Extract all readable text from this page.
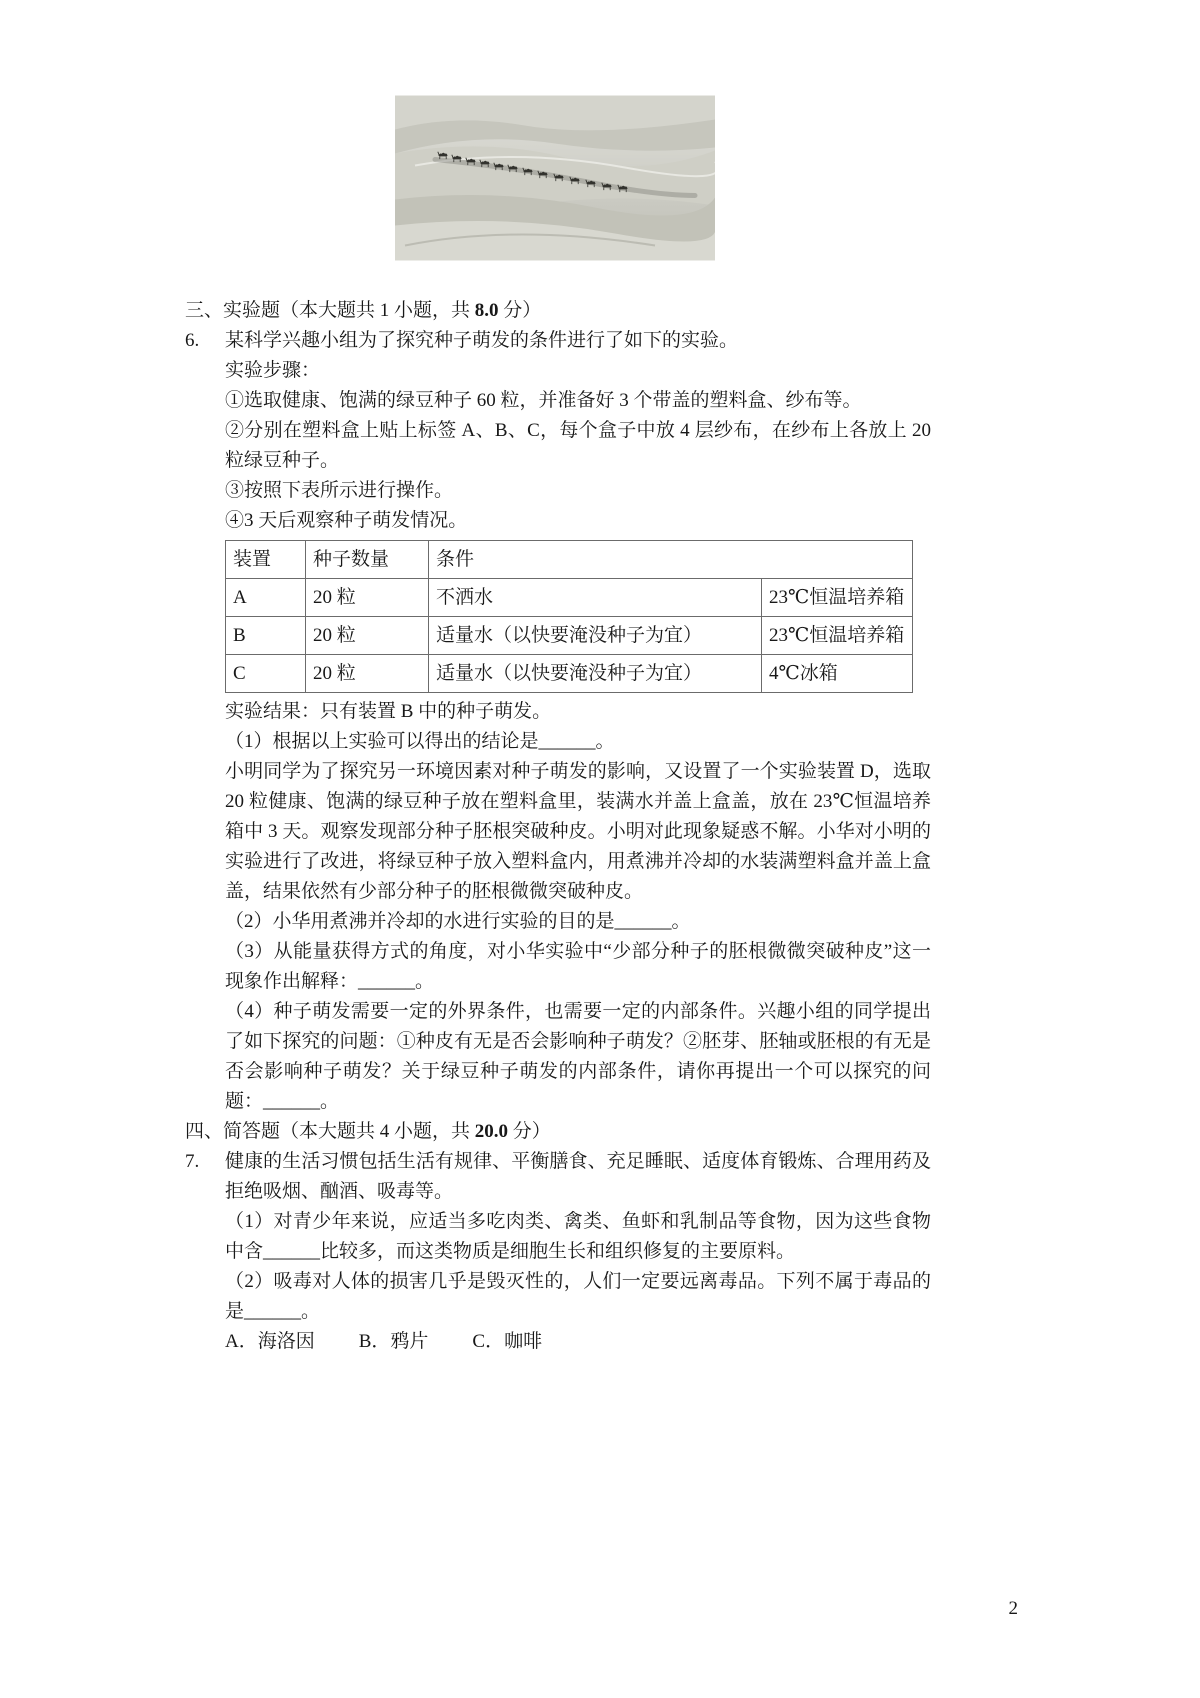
三、实验题（本大题共 1 小题，共 8.0 分）

6.	某科学兴趣小组为了探究种子萌发的条件进行了如下的实验。

实验步骤：

①选取健康、饱满的绿豆种子 60 粒，并准备好 3 个带盖的塑料盒、纱布等。

②分别在塑料盒上贴上标签 A、B、C，每个盒子中放 4 层纱布，在纱布上各放上 20 粒绿豆种子。

③按照下表所示进行操作。

④3 天后观察种子萌发情况。

装置	种子数量	条件	
A	20 粒	不洒水	23℃恒温培养箱
B	20 粒	适量水（以快要淹没种子为宜）	23℃恒温培养箱
C	20 粒	适量水（以快要淹没种子为宜）	4℃冰箱

实验结果：只有装置 B 中的种子萌发。

（1）根据以上实验可以得出的结论是______。

小明同学为了探究另一环境因素对种子萌发的影响，又设置了一个实验装置 D，选取 20 粒健康、饱满的绿豆种子放在塑料盒里，装满水并盖上盒盖，放在 23℃恒温培养箱中 3 天。观察发现部分种子胚根突破种皮。小明对此现象疑惑不解。小华对小明的实验进行了改进，将绿豆种子放入塑料盒内，用煮沸并冷却的水装满塑料盒并盖上盒盖，结果依然有少部分种子的胚根微微突破种皮。

（2）小华用煮沸并冷却的水进行实验的目的是______。

（3）从能量获得方式的角度，对小华实验中“少部分种子的胚根微微突破种皮”这一现象作出解释：______。

（4）种子萌发需要一定的外界条件，也需要一定的内部条件。兴趣小组的同学提出了如下探究的问题：①种皮有无是否会影响种子萌发？②胚芽、胚轴或胚根的有无是否会影响种子萌发？关于绿豆种子萌发的内部条件，请你再提出一个可以探究的问题：______。

四、简答题（本大题共 4 小题，共 20.0 分）

7.	健康的生活习惯包括生活有规律、平衡膳食、充足睡眠、适度体育锻炼、合理用药及拒绝吸烟、酗酒、吸毒等。

（1）对青少年来说，应适当多吃肉类、禽类、鱼虾和乳制品等食物，因为这些食物中含______比较多，而这类物质是细胞生长和组织修复的主要原料。

（2）吸毒对人体的损害几乎是毁灭性的，人们一定要远离毒品。下列不属于毒品的是______。

A．海洛因 B．鸦片 C．咖啡
2
